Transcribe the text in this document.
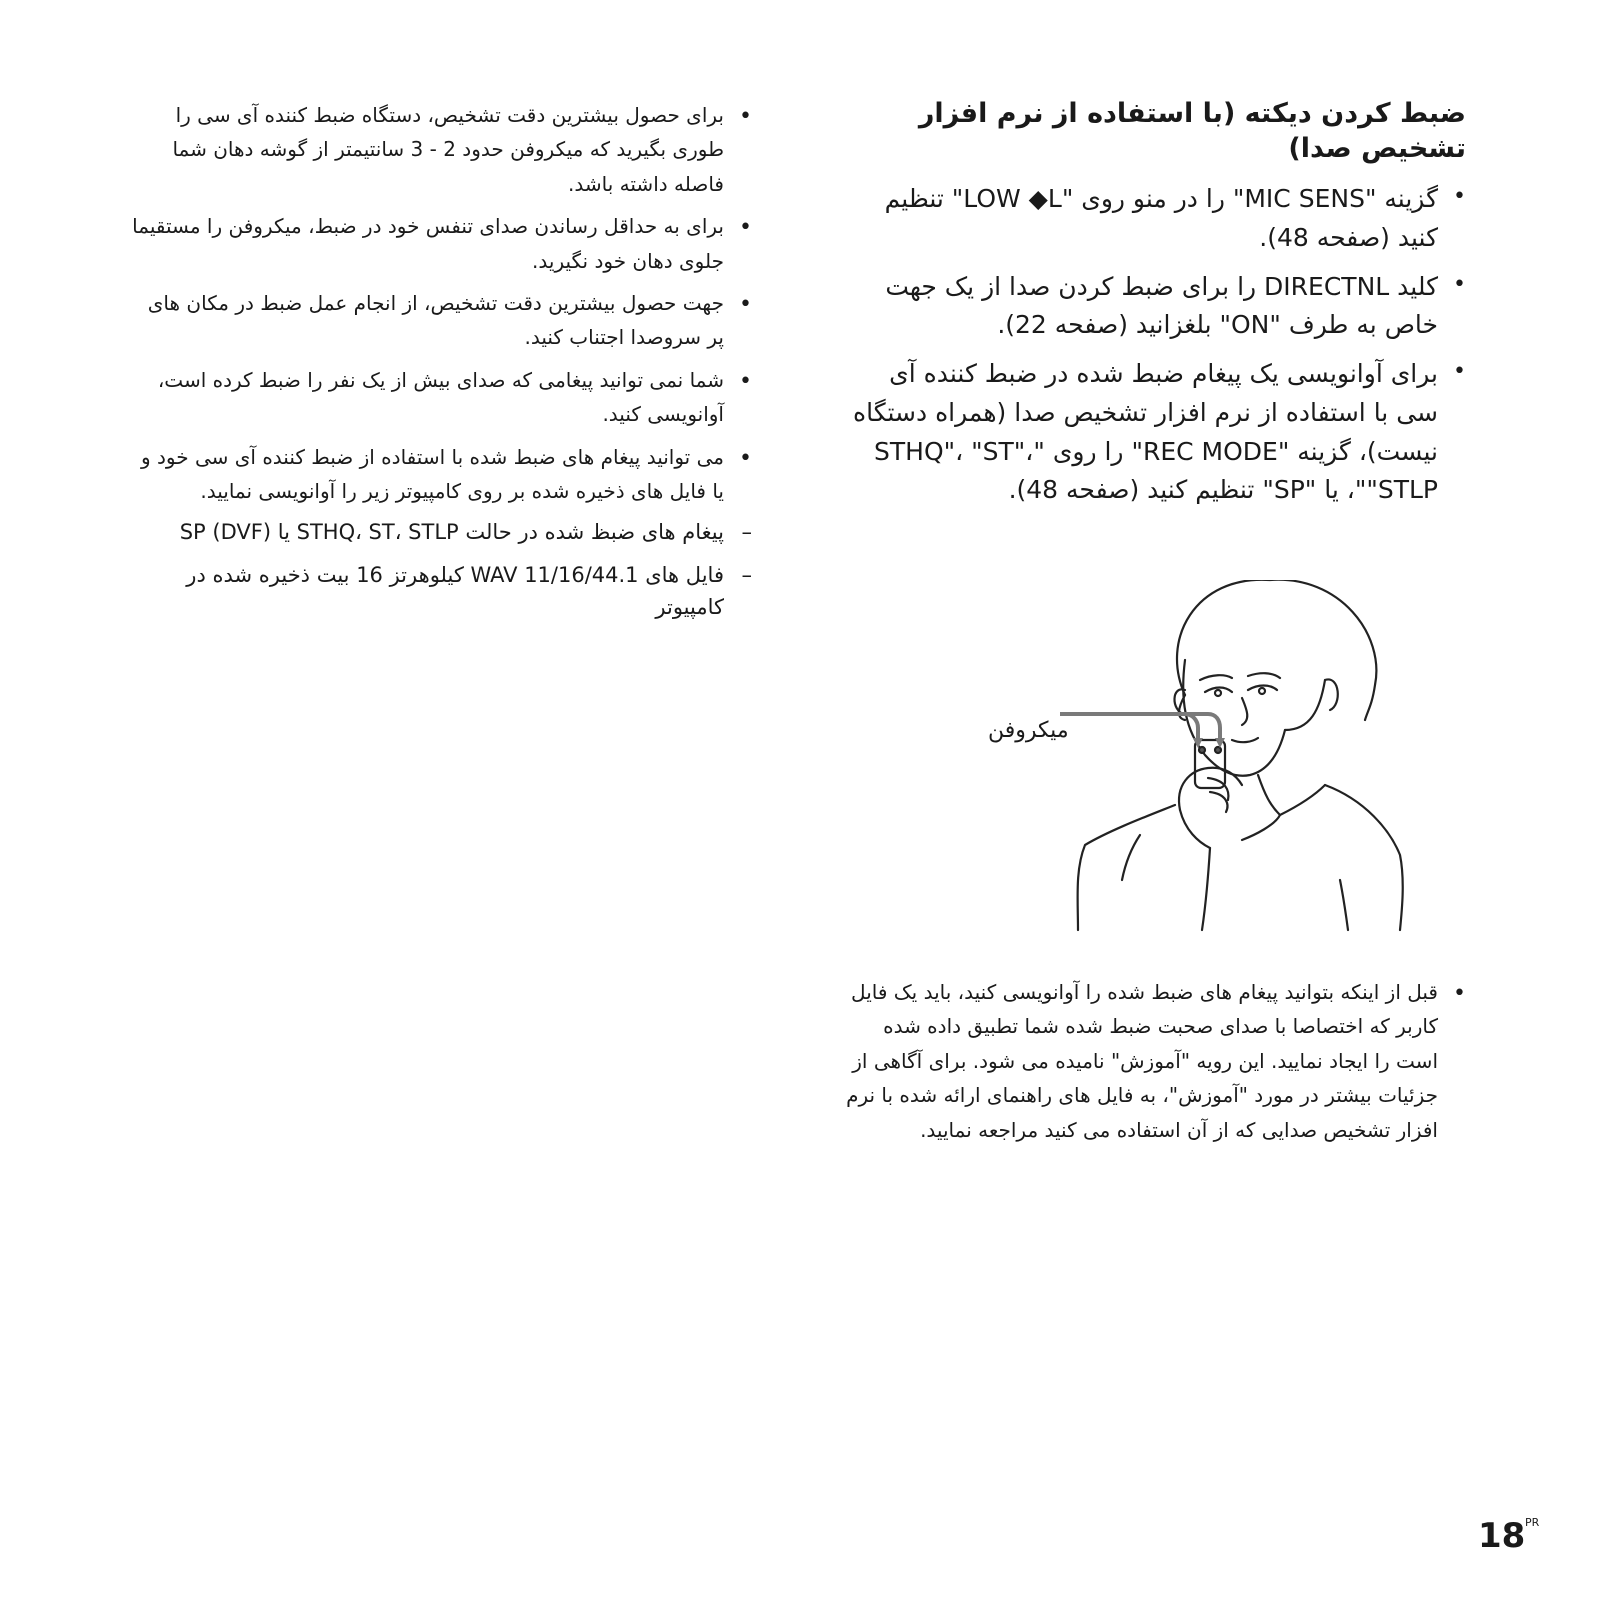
ضبط کردن دیکته (با استفاده از نرم افزار تشخیص صدا)
•
گزینه "MIC SENS" را در منو روی "LOW ◆L" تنظیم کنید (صفحه 48).
•
کلید DIRECTNL را برای ضبط کردن صدا از یک جهت خاص به طرف "ON" بلغزانید (صفحه 22).
•
برای آوانویسی یک پیغام ضبط شده در ضبط کننده آی سی با استفاده از نرم افزار تشخیص صدا (همراه دستگاه نیست)، گزینه "REC MODE" را روی "STHQ"، "ST"، "STLP"، یا "SP" تنظیم کنید (صفحه 48).
میکروفن
•
قبل از اینکه بتوانید پیغام های ضبط شده را آوانویسی کنید، باید یک فایل کاربر که اختصاصا با صدای صحبت ضبط شده شما تطبیق داده شده است را ایجاد نمایید. این رویه "آموزش" نامیده می شود. برای آگاهی از جزئیات بیشتر در مورد "آموزش"، به فایل های راهنمای ارائه شده با نرم افزار تشخیص صدایی که از آن استفاده می کنید مراجعه نمایید.
•
برای حصول بیشترین دقت تشخیص، دستگاه ضبط کننده آی سی را طوری بگیرید که میکروفن حدود 2 - 3 سانتیمتر از گوشه دهان شما فاصله داشته باشد.
•
برای به حداقل رساندن صدای تنفس خود در ضبط، میکروفن را مستقیما جلوی دهان خود نگیرید.
•
جهت حصول بیشترین دقت تشخیص، از انجام عمل ضبط در مکان های پر سروصدا اجتناب کنید.
•
شما نمی توانید پیغامی که صدای بیش از یک نفر را ضبط کرده است، آوانویسی کنید.
•
می توانید پیغام های ضبط شده با استفاده از ضبط کننده آی سی خود و یا فایل های ذخیره شده بر روی کامپیوتر زیر را آوانویسی نمایید.
–
پیغام های ضبظ شده در حالت STHQ، ST، STLP یا SP (DVF)
–
فایل های WAV 11/16/44.1 کیلوهرتز 16 بیت ذخیره شده در کامپیوتر
18 PR
